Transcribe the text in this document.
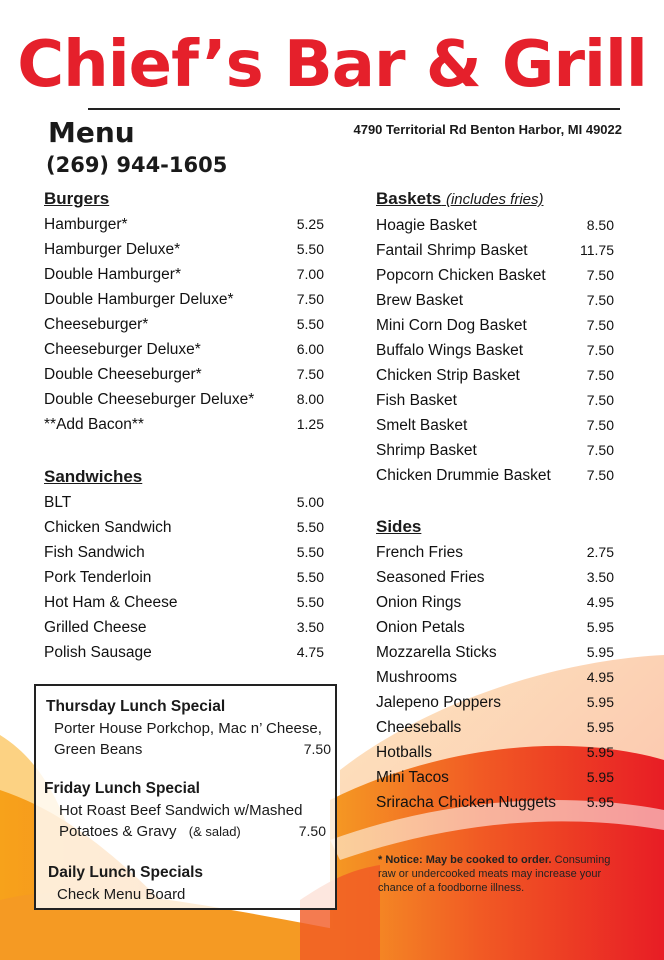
Chief’s Bar & Grill
Menu
(269) 944-1605
4790 Territorial Rd Benton Harbor, MI 49022
Burgers
Hamburger*	5.25
Hamburger Deluxe*	5.50
Double Hamburger*	7.00
Double Hamburger Deluxe*	7.50
Cheeseburger*	5.50
Cheeseburger Deluxe*	6.00
Double Cheeseburger*	7.50
Double Cheeseburger Deluxe*	8.00
**Add Bacon**	1.25
Sandwiches
BLT	5.00
Chicken Sandwich	5.50
Fish Sandwich	5.50
Pork Tenderloin	5.50
Hot Ham & Cheese	5.50
Grilled Cheese	3.50
Polish Sausage	4.75
Baskets (includes fries)
Hoagie Basket	8.50
Fantail Shrimp Basket	11.75
Popcorn Chicken Basket	7.50
Brew Basket	7.50
Mini Corn Dog Basket	7.50
Buffalo Wings Basket	7.50
Chicken Strip Basket	7.50
Fish Basket	7.50
Smelt Basket	7.50
Shrimp Basket	7.50
Chicken Drummie Basket	7.50
Sides
French Fries	2.75
Seasoned Fries	3.50
Onion Rings	4.95
Onion Petals	5.95
Mozzarella Sticks	5.95
Mushrooms	4.95
Jalepeno Poppers	5.95
Cheeseballs	5.95
Hotballs	5.95
Mini Tacos	5.95
Sriracha Chicken Nuggets 5.95
Thursday Lunch Special
Porter House Porkchop, Mac n’ Cheese,
Green Beans	7.50
Friday Lunch Special
Hot Roast Beef Sandwich w/Mashed
Potatoes & Gravy (& salad)	7.50
Daily Lunch Specials
Check Menu Board
* Notice: May be cooked to order. Consuming raw or undercooked meats may increase your chance of a foodborne illness.
